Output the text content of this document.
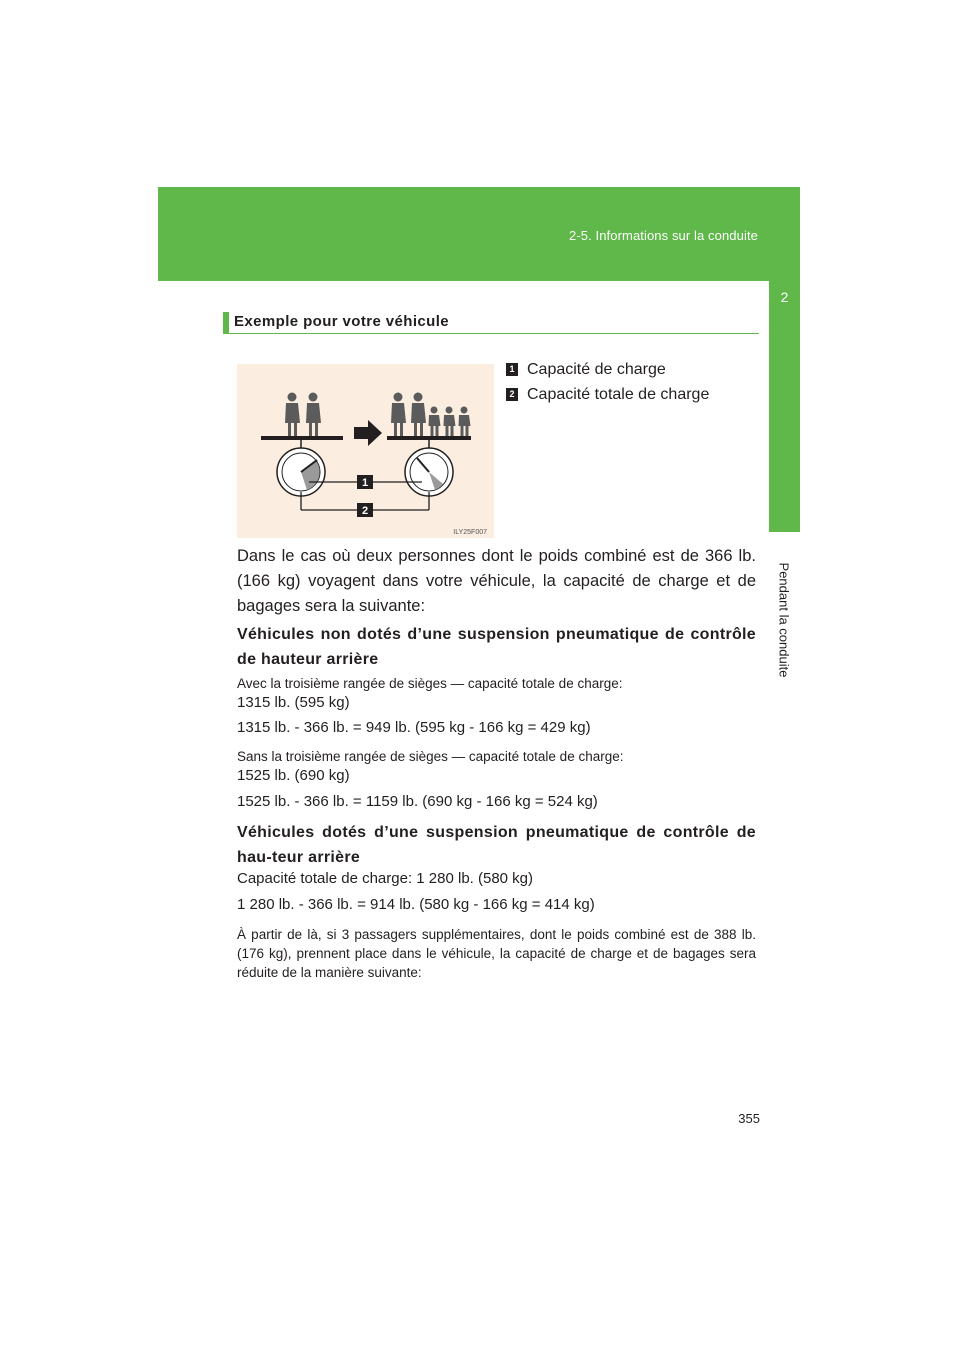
2-5. Informations sur la conduite
2
Pendant la conduite
Exemple pour votre véhicule
1
2
ILY25F007
1 Capacité de charge
2 Capacité totale de charge
Dans le cas où deux personnes dont le poids combiné est de 366 lb. (166 kg) voyagent dans votre véhicule, la capacité de charge et de bagages sera la suivante:
Véhicules non dotés d’une suspension pneumatique de contrôle de hauteur arrière
Avec la troisième rangée de sièges — capacité totale de charge:
1315 lb. (595 kg)
1315 lb. - 366 lb. = 949 lb. (595 kg - 166 kg = 429 kg)
Sans la troisième rangée de sièges — capacité totale de charge:
1525 lb. (690 kg)
1525 lb. - 366 lb. = 1159 lb. (690 kg - 166 kg = 524 kg)
Véhicules dotés d’une suspension pneumatique de contrôle de hau-teur arrière
Capacité totale de charge: 1 280 lb. (580 kg)
1 280 lb. - 366 lb. = 914 lb. (580 kg - 166 kg = 414 kg)
À partir de là, si 3 passagers supplémentaires, dont le poids combiné est de 388 lb. (176 kg), prennent place dans le véhicule, la capacité de charge et de bagages sera réduite de la manière suivante:
355
